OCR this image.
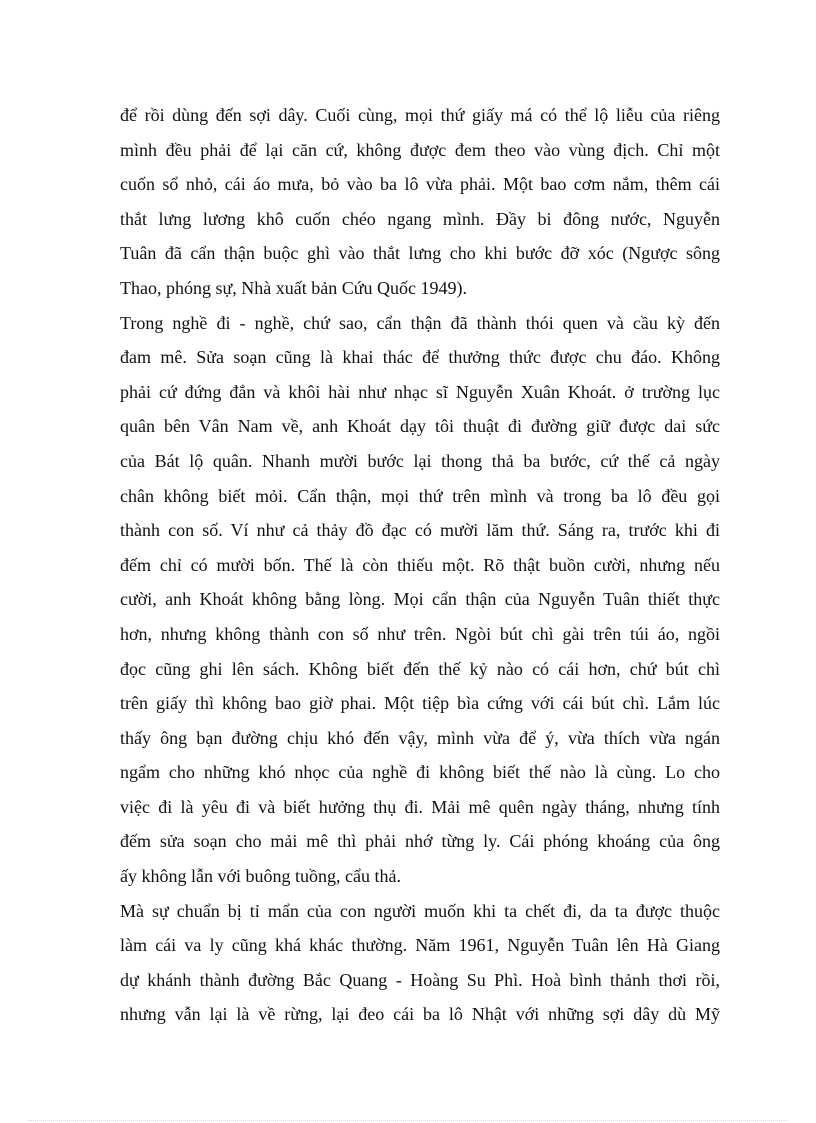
để rồi dùng đến sợi dây. Cuối cùng, mọi thứ giấy má có thể lộ liễu của riêng
mình đều phải để lại căn cứ, không được đem theo vào vùng địch. Chỉ một
cuốn sổ nhỏ, cái áo mưa, bỏ vào ba lô vừa phải. Một bao cơm nắm, thêm cái
thắt lưng lương khô cuốn chéo ngang mình. Đầy bi đông nước, Nguyễn
Tuân đã cẩn thận buộc ghì vào thắt lưng cho khi bước đỡ xóc (Ngược sông
Thao, phóng sự, Nhà xuất bản Cứu Quốc 1949).
Trong nghề đi - nghề, chứ sao, cẩn thận đã thành thói quen và cầu kỳ đến
đam mê. Sửa soạn cũng là khai thác để thưởng thức được chu đáo. Không
phải cứ đứng đắn và khôi hài như nhạc sĩ Nguyễn Xuân Khoát. ở trường lục
quân bên Vân Nam về, anh Khoát dạy tôi thuật đi đường giữ được dai sức
của Bát lộ quân. Nhanh mười bước lại thong thả ba bước, cứ thế cả ngày
chân không biết mỏi. Cẩn thận, mọi thứ trên mình và trong ba lô đều gọi
thành con số. Ví như cả thảy đồ đạc có mười lăm thứ. Sáng ra, trước khi đi
đếm chỉ có mười bốn. Thế là còn thiếu một. Rõ thật buồn cười, nhưng nếu
cười, anh Khoát không bằng lòng. Mọi cẩn thận của Nguyễn Tuân thiết thực
hơn, nhưng không thành con số như trên. Ngòi bút chì gài trên túi áo, ngồi
đọc cũng ghi lên sách. Không biết đến thế kỷ nào có cái hơn, chứ bút chì
trên giấy thì không bao giờ phai. Một tiệp bìa cứng với cái bút chì. Lắm lúc
thấy ông bạn đường chịu khó đến vậy, mình vừa để ý, vừa thích vừa ngán
ngẩm cho những khó nhọc của nghề đi không biết thế nào là cùng. Lo cho
việc đi là yêu đi và biết hưởng thụ đi. Mải mê quên ngày tháng, nhưng tính
đếm sửa soạn cho mải mê thì phải nhớ từng ly. Cái phóng khoáng của ông
ấy không lẫn với buông tuồng, cẩu thả.
Mà sự chuẩn bị tỉ mẩn của con người muốn khi ta chết đi, da ta được thuộc
làm cái va ly cũng khá khác thường. Năm 1961, Nguyễn Tuân lên Hà Giang
dự khánh thành đường Bắc Quang - Hoàng Su Phì. Hoà bình thảnh thơi rồi,
nhưng vẫn lại là về rừng, lại đeo cái ba lô Nhật với những sợi dây dù Mỹ
